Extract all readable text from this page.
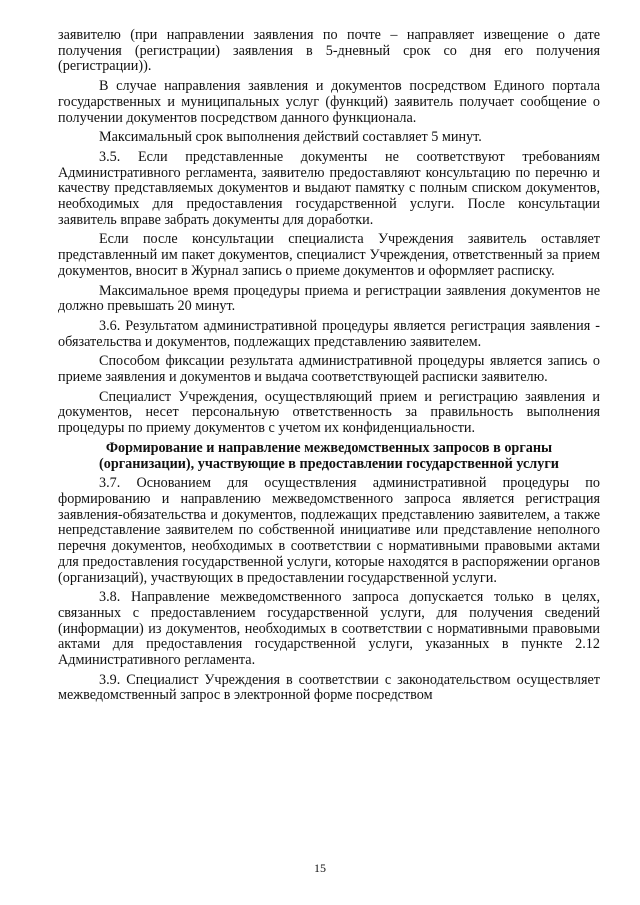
заявителю (при направлении заявления по почте – направляет извещение о дате получения (регистрации) заявления в 5-дневный срок со дня его получения (регистрации)).

В случае направления заявления и документов посредством Единого портала государственных и муниципальных услуг (функций) заявитель получает сообщение о получении документов посредством данного функционала.

Максимальный срок выполнения действий составляет 5 минут.

3.5. Если представленные документы не соответствуют требованиям Административного регламента, заявителю предоставляют консультацию по перечню и качеству представляемых документов и выдают памятку с полным списком документов, необходимых для предоставления государственной услуги. После консультации заявитель вправе забрать документы для доработки.

Если после консультации специалиста Учреждения заявитель оставляет представленный им пакет документов, специалист Учреждения, ответственный за прием документов, вносит в Журнал запись о приеме документов и оформляет расписку.

Максимальное время процедуры приема и регистрации заявления документов не должно превышать 20 минут.

3.6. Результатом административной процедуры является регистрация заявления - обязательства и документов, подлежащих представлению заявителем.

Способом фиксации результата административной процедуры является запись о приеме заявления и документов и выдача соответствующей расписки заявителю.

Специалист Учреждения, осуществляющий прием и регистрацию заявления и документов, несет персональную ответственность за правильность выполнения процедуры по приему документов с учетом их конфиденциальности.

Формирование и направление межведомственных запросов в органы
(организации), участвующие в предоставлении государственной услуги

3.7. Основанием для осуществления административной процедуры по формированию и направлению межведомственного запроса является регистрация заявления-обязательства и документов, подлежащих представлению заявителем, а также непредставление заявителем по собственной инициативе или представление неполного перечня документов, необходимых в соответствии с нормативными правовыми актами для предоставления государственной услуги, которые находятся в распоряжении органов (организаций), участвующих в предоставлении государственной услуги.

3.8. Направление межведомственного запроса допускается только в целях, связанных с предоставлением государственной услуги, для получения сведений (информации) из документов, необходимых в соответствии с нормативными правовыми актами для предоставления государственной услуги, указанных в пункте 2.12 Административного регламента.

3.9. Специалист Учреждения в соответствии с законодательством осуществляет межведомственный запрос в электронной форме посредством

15
